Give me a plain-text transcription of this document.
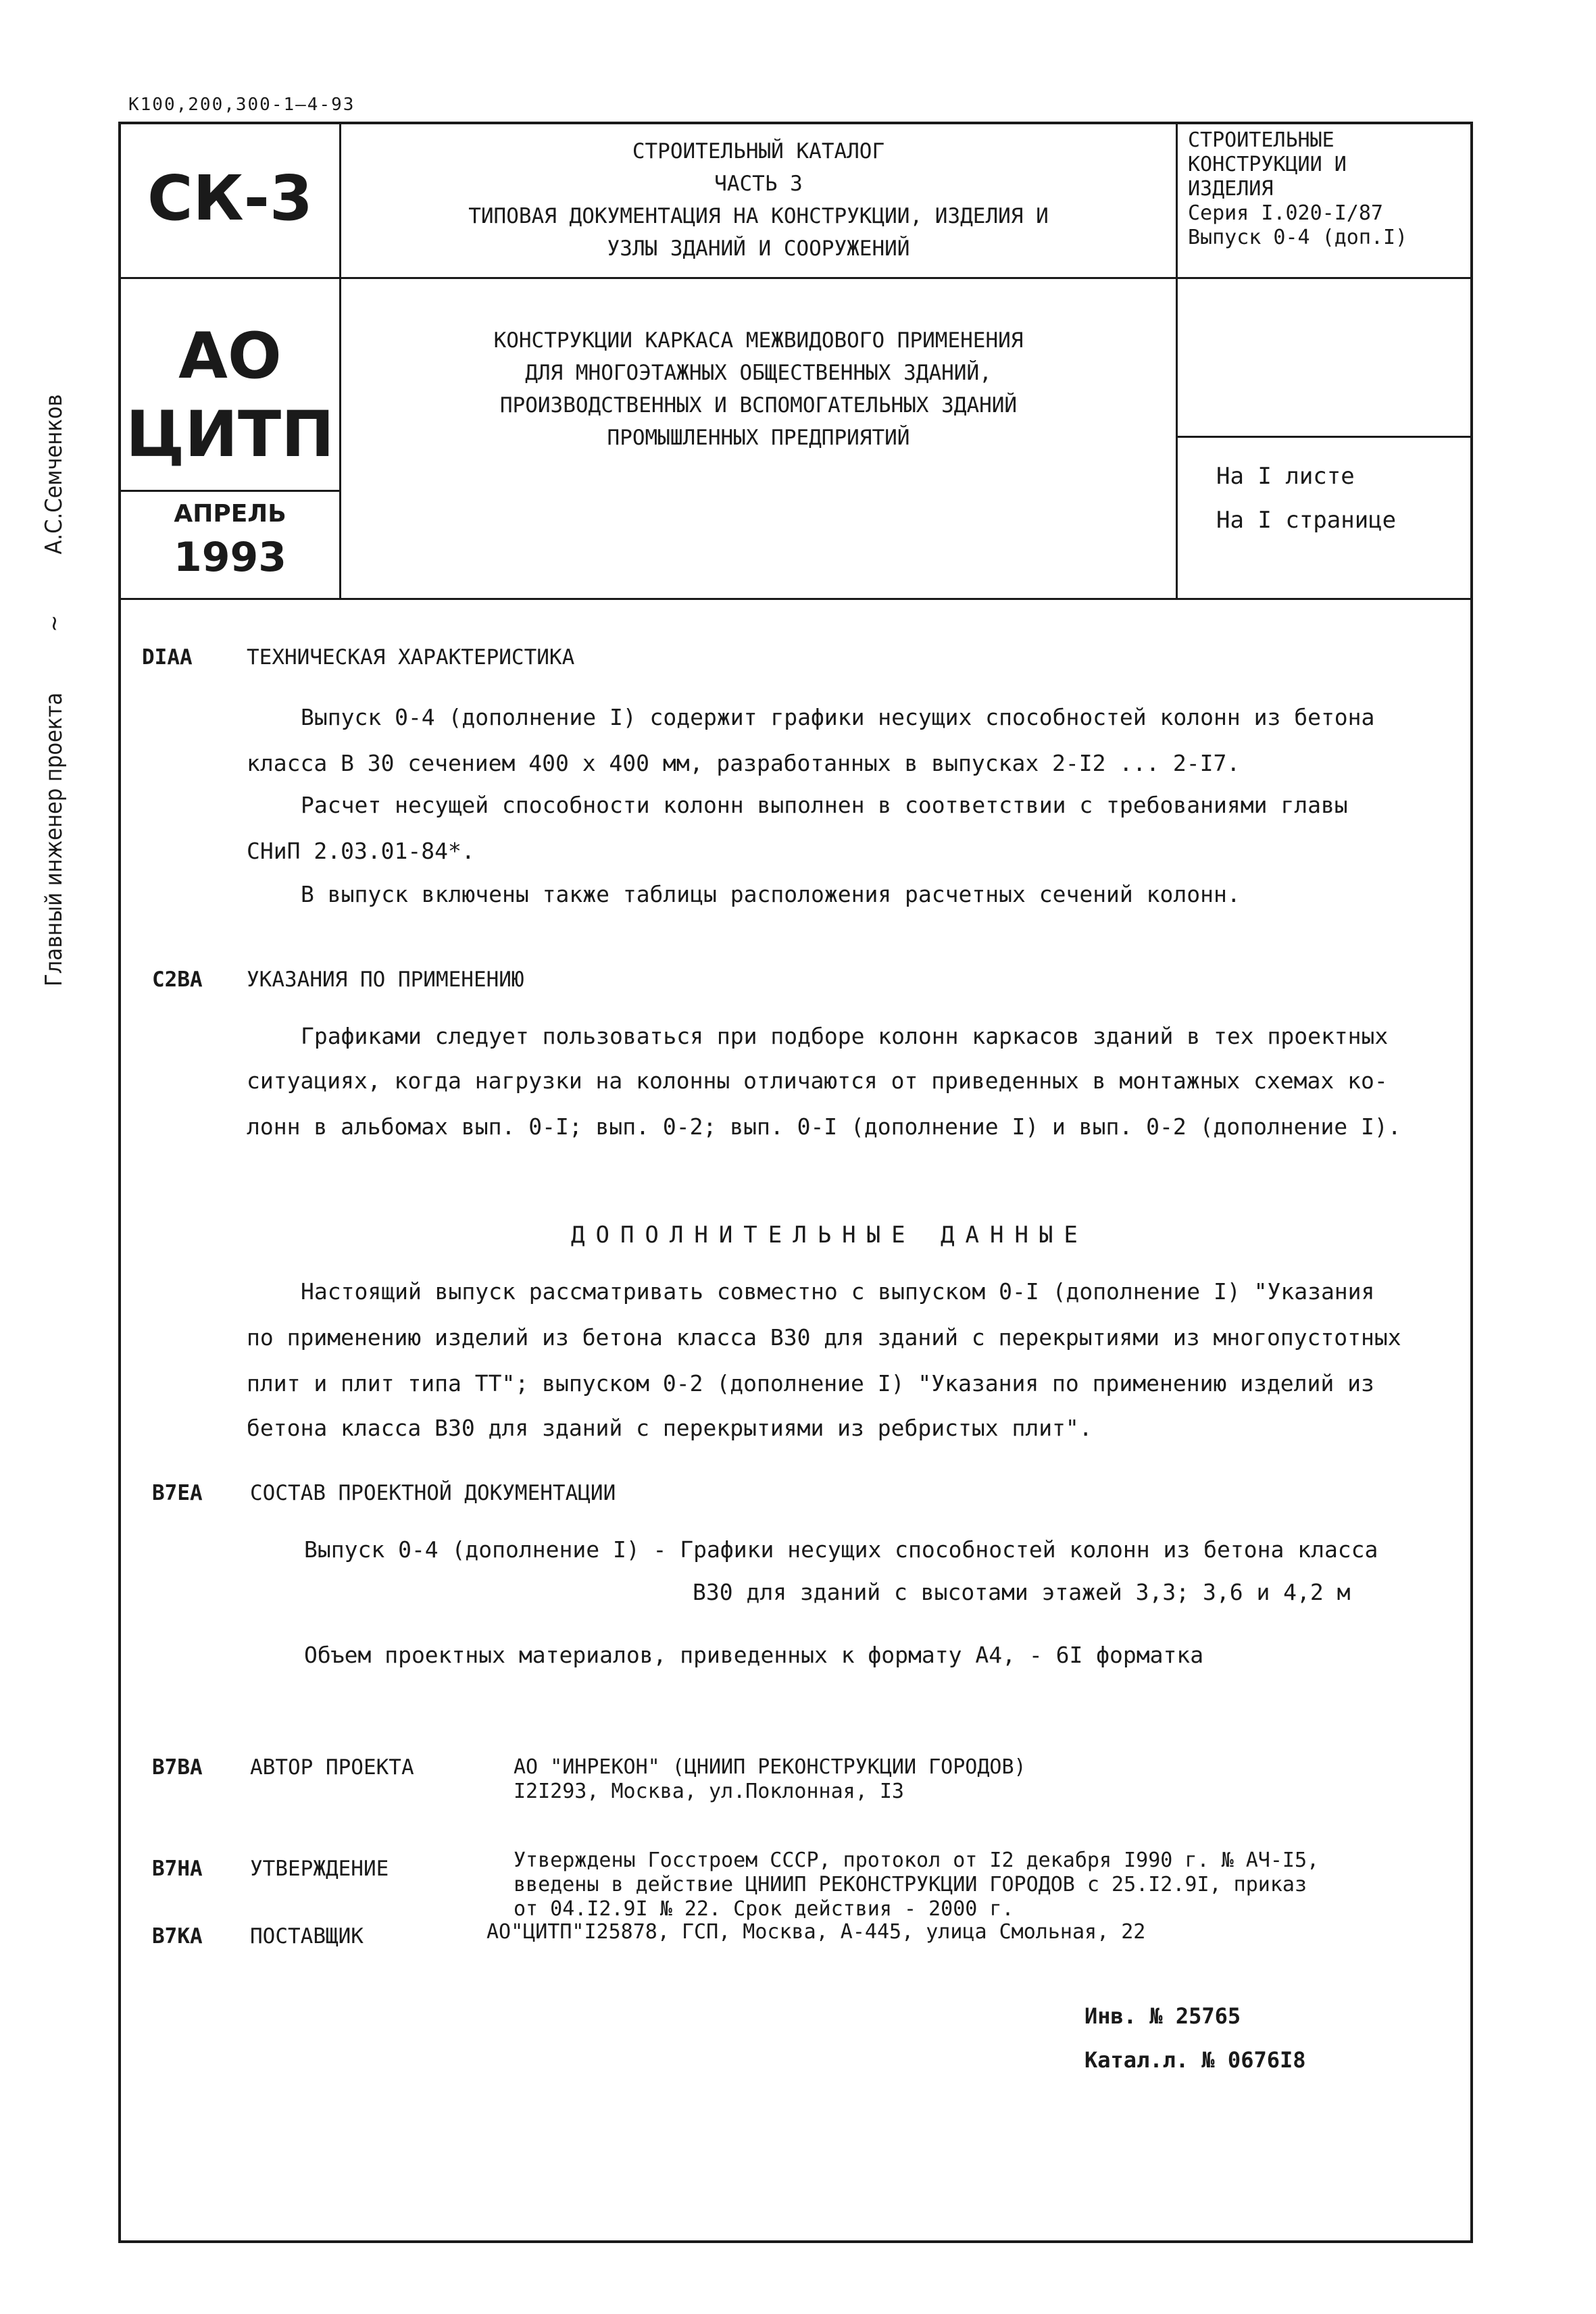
К100,200,300-1—4-93
Главный инженер проекта  ~  А.С.Семченков
СК-3
СТРОИТЕЛЬНЫЙ КАТАЛОГ
ЧАСТЬ 3
ТИПОВАЯ ДОКУМЕНТАЦИЯ НА КОНСТРУКЦИИ, ИЗДЕЛИЯ И
УЗЛЫ ЗДАНИЙ И СООРУЖЕНИЙ
СТРОИТЕЛЬНЫЕ
КОНСТРУКЦИИ И
ИЗДЕЛИЯ
Серия I.020-I/87
Выпуск 0-4 (доп.I)
АО
ЦИТП
КОНСТРУКЦИИ КАРКАСА МЕЖВИДОВОГО ПРИМЕНЕНИЯ
ДЛЯ МНОГОЭТАЖНЫХ ОБЩЕСТВЕННЫХ ЗДАНИЙ,
ПРОИЗВОДСТВЕННЫХ И ВСПОМОГАТЕЛЬНЫХ ЗДАНИЙ
ПРОМЫШЛЕННЫХ ПРЕДПРИЯТИЙ
АПРЕЛЬ
1993
На I листе
На I странице
DIAA	ТЕХНИЧЕСКАЯ ХАРАКТЕРИСТИКА
Выпуск 0-4 (дополнение I) содержит графики несущих способностей колонн из бетона
класса В 30 сечением 400 х 400 мм, разработанных в выпусках 2-I2 ... 2-I7.
Расчет несущей способности колонн выполнен в соответствии с требованиями главы
СНиП 2.03.01-84*.
В выпуск включены также таблицы расположения расчетных сечений колонн.
C2BA УКАЗАНИЯ ПО ПРИМЕНЕНИЮ
Графиками следует пользоваться при подборе колонн каркасов зданий в тех проектных
ситуациях, когда нагрузки на колонны отличаются от приведенных в монтажных схемах ко-
лонн в альбомах вып. 0-I; вып. 0-2; вып. 0-I (дополнение I) и вып. 0-2 (дополнение I).
ДОПОЛНИТЕЛЬНЫЕ ДАННЫЕ
Настоящий выпуск рассматривать совместно с выпуском 0-I (дополнение I) "Указания
по применению изделий из бетона класса В30 для зданий с перекрытиями из многопустотных
плит и плит типа ТТ"; выпуском 0-2 (дополнение I) "Указания по применению изделий из
бетона класса В30 для зданий с перекрытиями из ребристых плит".
B7EA СОСТАВ ПРОЕКТНОЙ ДОКУМЕНТАЦИИ
Выпуск 0-4 (дополнение I) - Графики несущих способностей колонн из бетона класса
В30 для зданий с высотами этажей 3,3; 3,6 и 4,2 м
Объем проектных материалов, приведенных к формату А4, - 6I форматка
B7BA АВТОР ПРОЕКТА	АО "ИНРЕКОН" (ЦНИИП РЕКОНСТРУКЦИИ ГОРОДОВ)
I2I293, Москва, ул.Поклонная, I3
B7HA УТВЕРЖДЕНИЕ	Утверждены Госстроем СССР, протокол от I2 декабря I990 г. № АЧ-I5,
введены в действие ЦНИИП РЕКОНСТРУКЦИИ ГОРОДОВ с 25.I2.9I, приказ
от 04.I2.9I № 22. Срок действия - 2000 г.
B7KA ПОСТАВЩИК	АО"ЦИТП"I25878, ГСП, Москва, А-445, улица Смольная, 22
Инв. № 25765
Катал.л. № 0676I8
